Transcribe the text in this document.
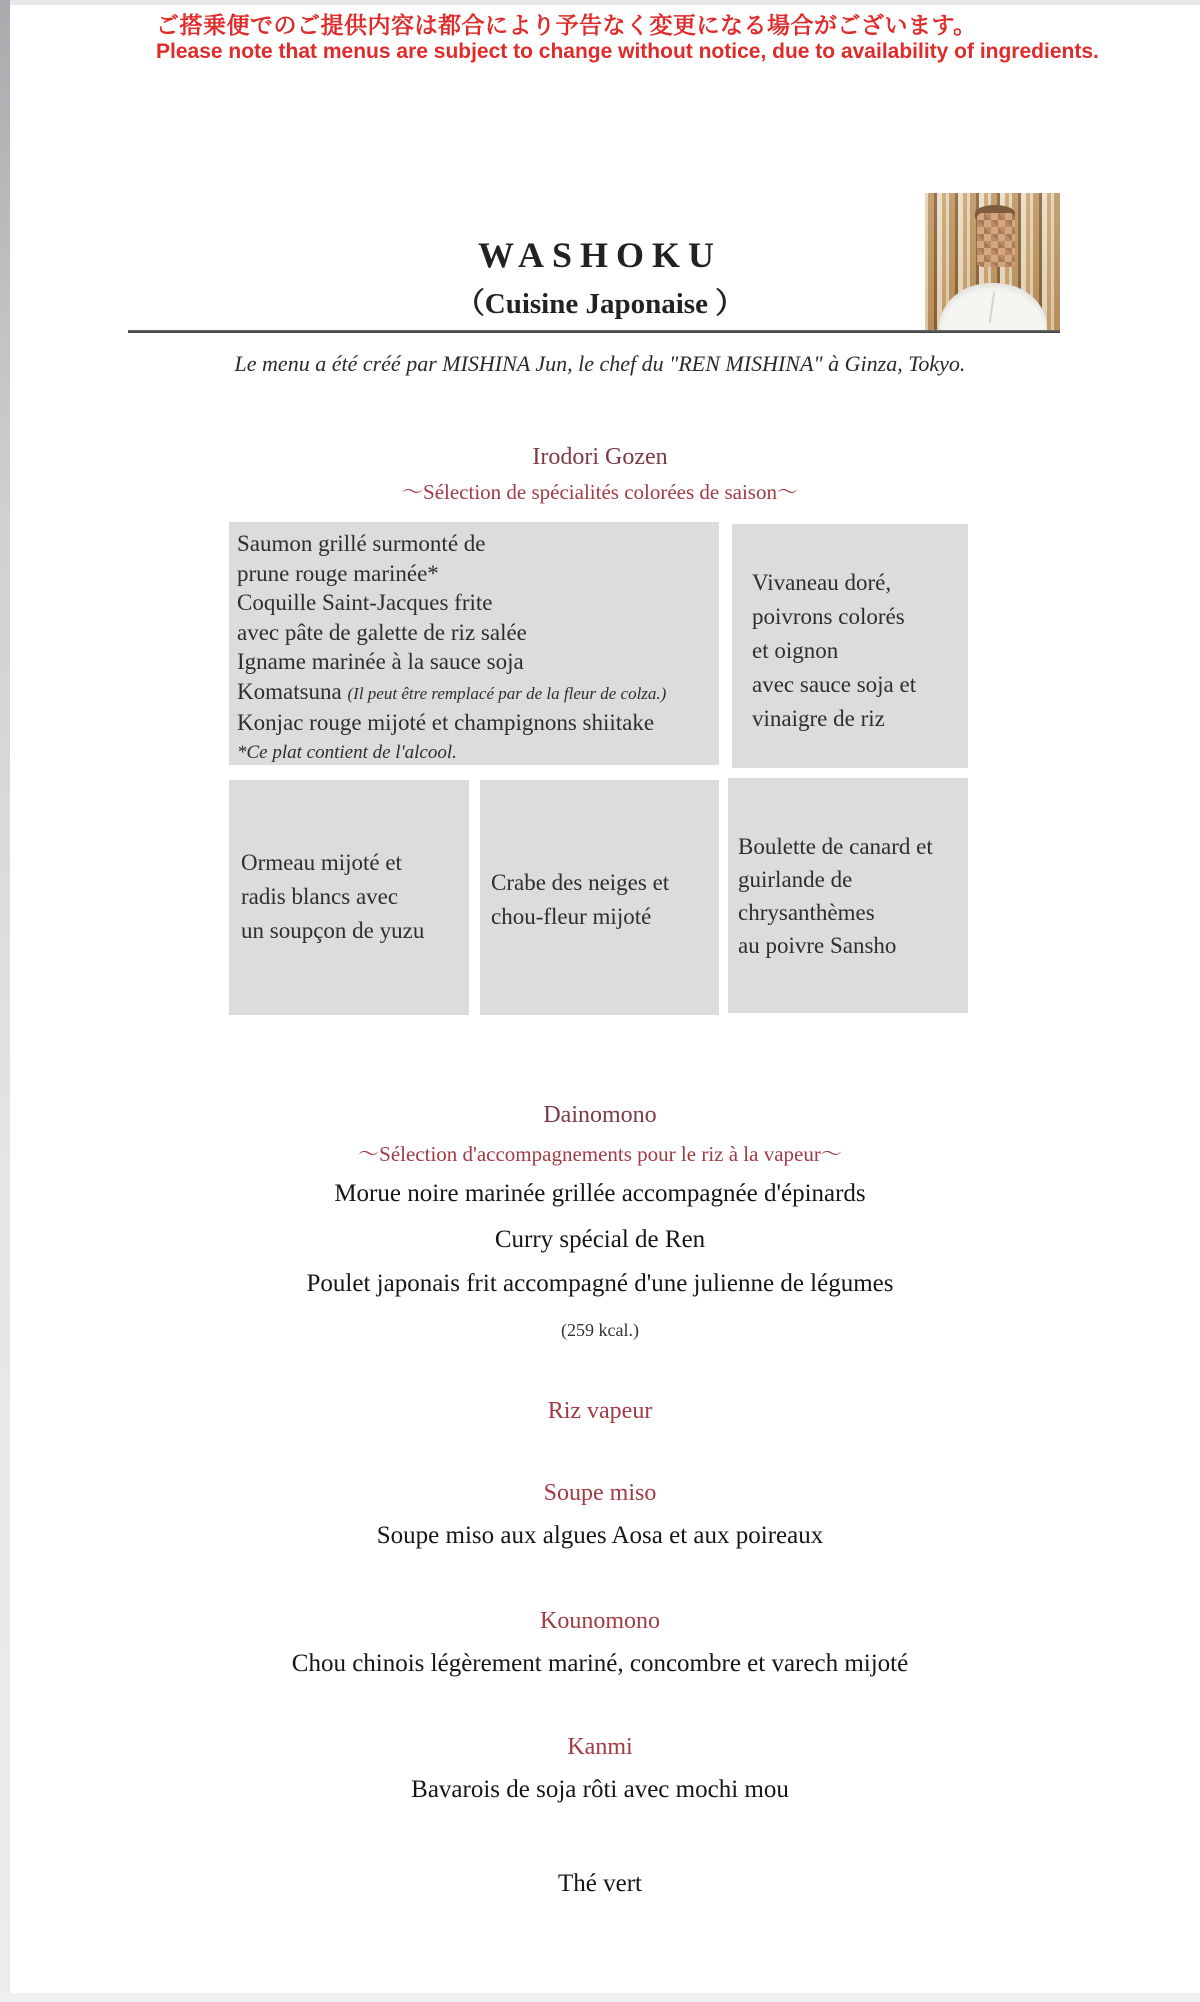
ご搭乗便でのご提供内容は都合により予告なく変更になる場合がございます。
Please note that menus are subject to change without notice, due to availability of ingredients.
WASHOKU
（Cuisine Japonaise ）
Le menu a été créé par MISHINA Jun, le chef du "REN MISHINA" à Ginza, Tokyo.
Irodori Gozen
〜Sélection de spécialités colorées de saison〜
Saumon grillé surmonté de
prune rouge marinée*
Coquille Saint-Jacques frite
avec pâte de galette de riz salée
Igname marinée à la sauce soja
Komatsuna (Il peut être remplacé par de la fleur de colza.)
Konjac rouge mijoté et champignons shiitake
*Ce plat contient de l'alcool.
Vivaneau doré,
poivrons colorés
et oignon
avec sauce soja et
vinaigre de riz
Ormeau mijoté et
radis blancs avec
un soupçon de yuzu
Crabe des neiges et
chou-fleur mijoté
Boulette de canard et
guirlande de
chrysanthèmes
au poivre Sansho
Dainomono
〜Sélection d'accompagnements pour le riz à la vapeur〜
Morue noire marinée grillée accompagnée d'épinards
Curry spécial de Ren
Poulet japonais frit accompagné d'une julienne de légumes
(259 kcal.)
Riz vapeur
Soupe miso
Soupe miso aux algues Aosa et aux poireaux
Kounomono
Chou chinois légèrement mariné, concombre et varech mijoté
Kanmi
Bavarois de soja rôti avec mochi mou
Thé vert
